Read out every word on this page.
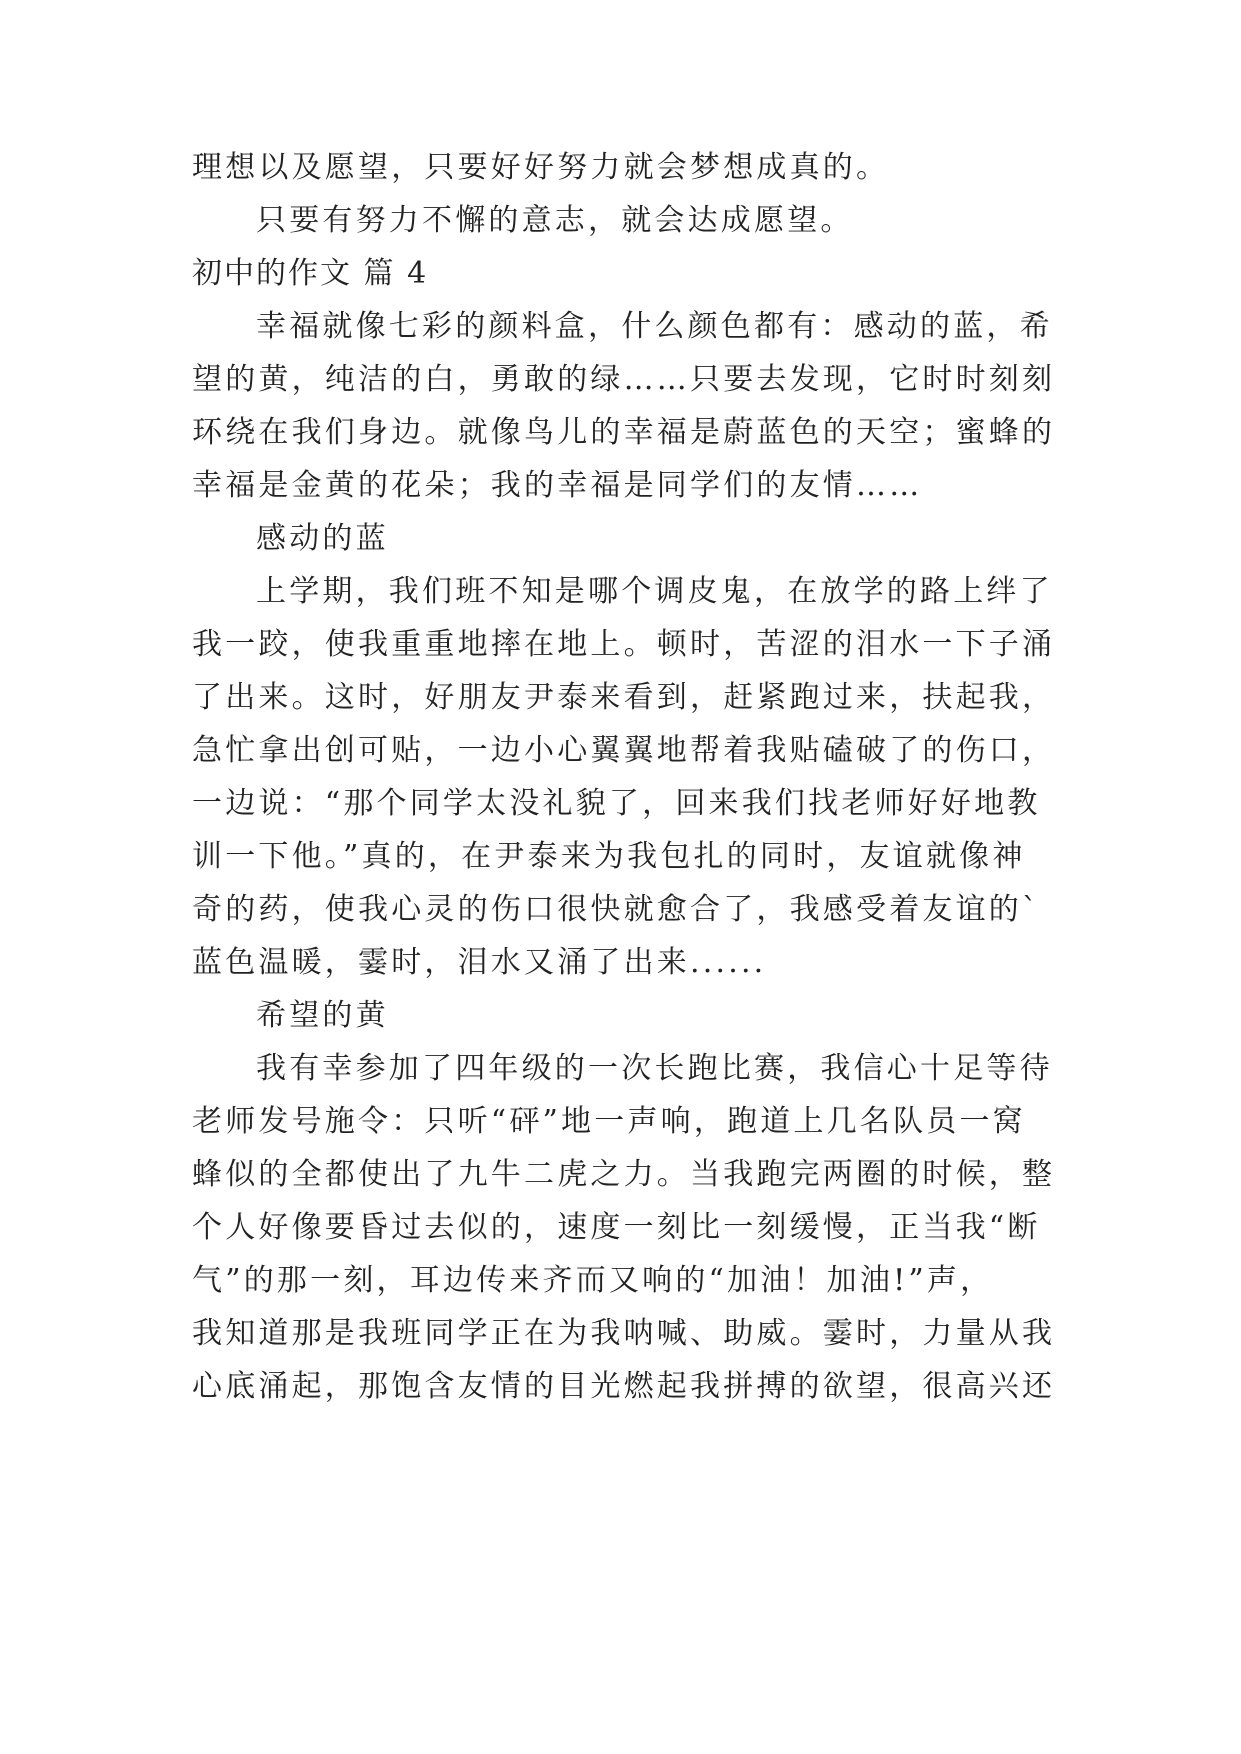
理想以及愿望，只要好好努力就会梦想成真的。
只要有努力不懈的意志，就会达成愿望。
初中的作文 篇 4
幸福就像七彩的颜料盒，什么颜色都有：感动的蓝，希
望的黄，纯洁的白，勇敢的绿……只要去发现，它时时刻刻
环绕在我们身边。就像鸟儿的幸福是蔚蓝色的天空；蜜蜂的
幸福是金黄的花朵；我的幸福是同学们的友情……
感动的蓝
上学期，我们班不知是哪个调皮鬼，在放学的路上绊了
我一跤，使我重重地摔在地上。顿时，苦涩的泪水一下子涌
了出来。这时，好朋友尹泰来看到，赶紧跑过来，扶起我，
急忙拿出创可贴，一边小心翼翼地帮着我贴磕破了的伤口，
一边说：“那个同学太没礼貌了，回来我们找老师好好地教
训一下他。”真的，在尹泰来为我包扎的同时，友谊就像神
奇的药，使我心灵的伤口很快就愈合了，我感受着友谊的`
蓝色温暖，霎时，泪水又涌了出来......
希望的黄
我有幸参加了四年级的一次长跑比赛，我信心十足等待
老师发号施令：只听“砰”地一声响，跑道上几名队员一窝
蜂似的全都使出了九牛二虎之力。当我跑完两圈的时候，整
个人好像要昏过去似的，速度一刻比一刻缓慢，正当我“断
气”的那一刻，耳边传来齐而又响的“加油！加油!”声，
我知道那是我班同学正在为我呐喊、助威。霎时，力量从我
心底涌起，那饱含友情的目光燃起我拼搏的欲望，很高兴还
